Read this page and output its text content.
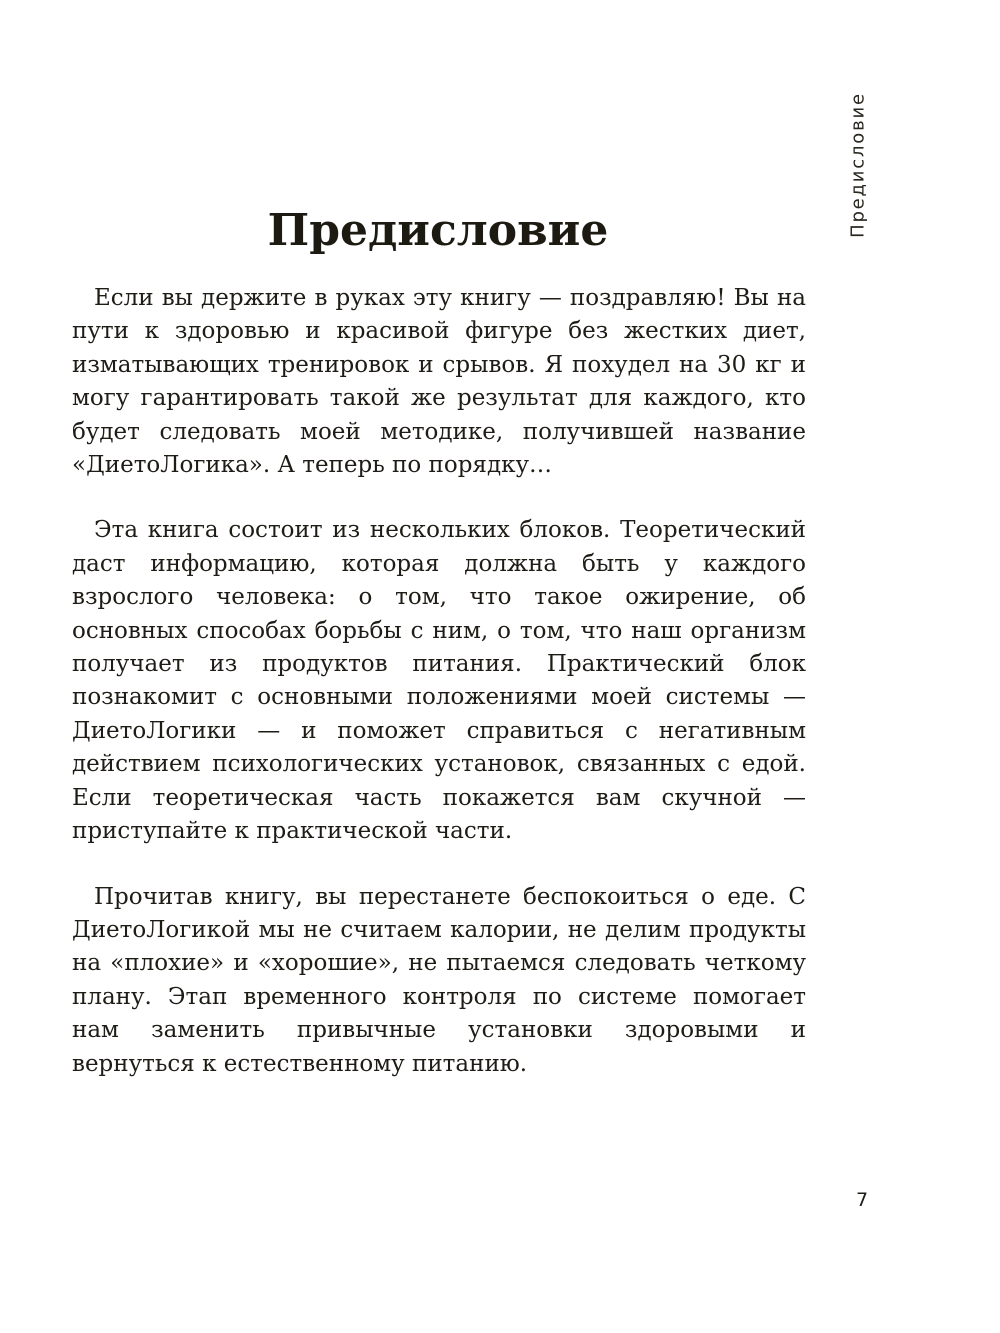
Предисловие
Предисловие

Если вы держите в руках эту книгу — поздравляю! Вы на пути к здоровью и красивой фигуре без жестких диет, изматывающих тренировок и срывов. Я похудел на 30 кг и могу гарантировать такой же результат для каждого, кто будет следовать моей методике, получившей название «ДиетоЛогика». А теперь по порядку…

Эта книга состоит из нескольких блоков. Теоретический даст информацию, которая должна быть у каждого взрослого человека: о том, что такое ожирение, об основных способах борьбы с ним, о том, что наш организм получает из продуктов питания. Практический блок познакомит с основными положениями моей системы — ДиетоЛогики — и поможет справиться с негативным действием психологических установок, связанных с едой. Если теоретическая часть покажется вам скучной — приступайте к практической части.

Прочитав книгу, вы перестанете беспокоиться о еде. С ДиетоЛогикой мы не считаем калории, не делим продукты на «плохие» и «хорошие», не пытаемся следовать четкому плану. Этап временного контроля по системе помогает нам заменить привычные установки здоровыми и вернуться к естественному питанию.

7
